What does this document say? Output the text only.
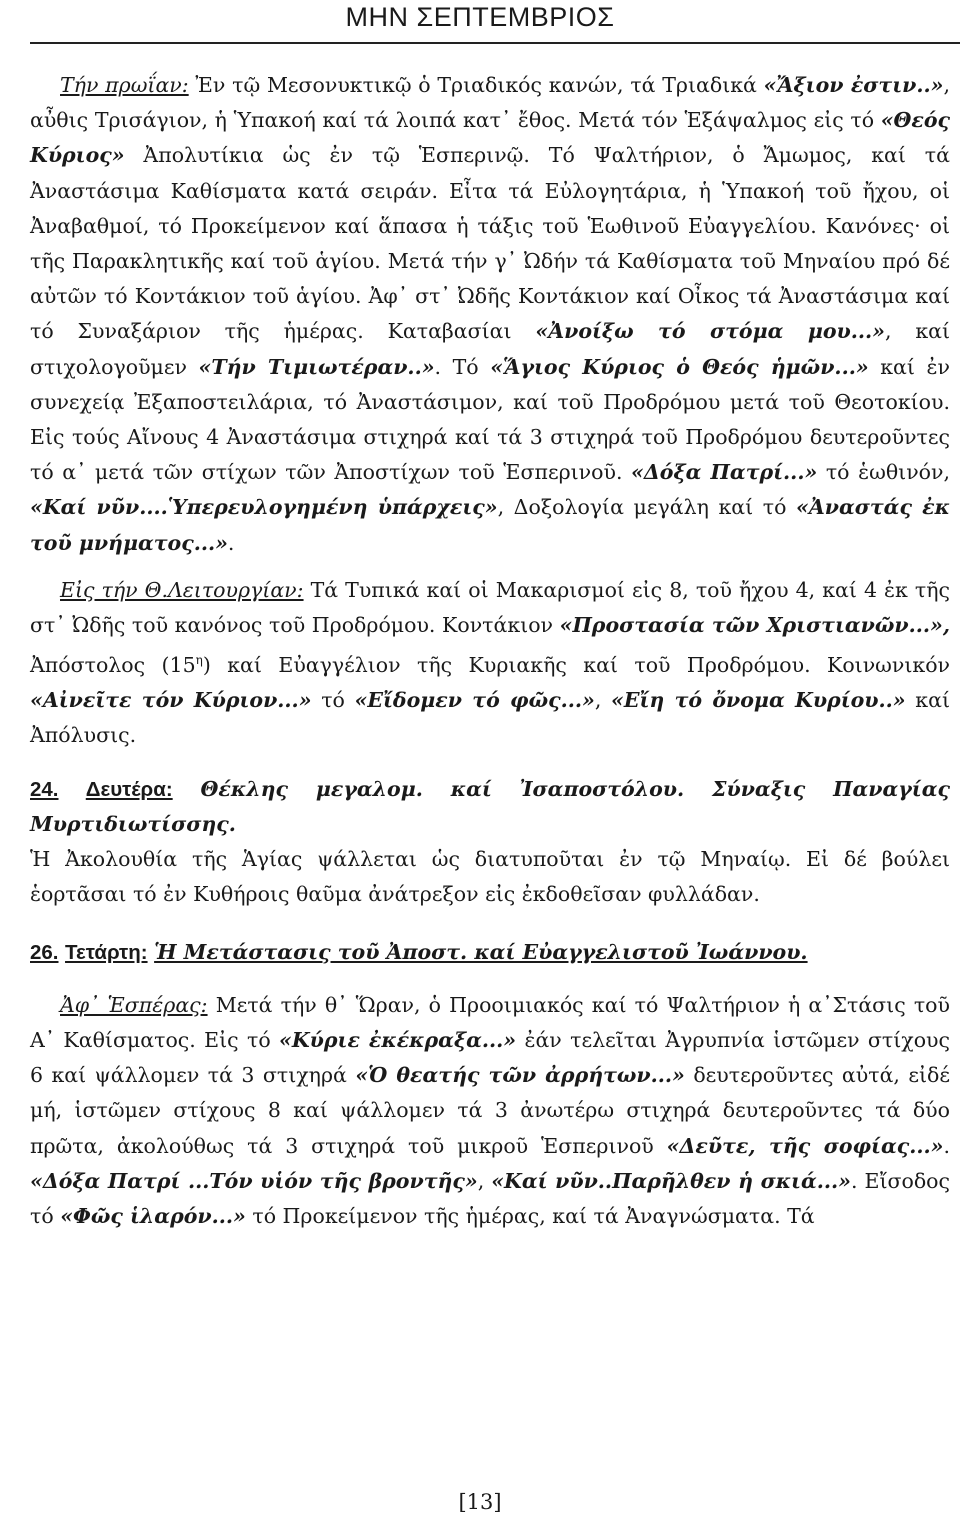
ΜΗΝ ΣΕΠΤΕΜΒΡΙΟΣ

Τήν πρωΐαν: Ἐν τῷ Μεσονυκτικῷ ὁ Τριαδικός κανών, τά Τριαδικά «Ἄξιον ἐστιν..», αὖθις Τρισάγιον, ἡ Ὑπακοή καί τά λοιπά κατ᾽ ἔθος. Μετά τόν Ἑξάψαλμος εἰς τό «Θεός Κύριος» Ἀπολυτίκια ὡς ἐν τῷ Ἑσπερινῷ. Τό Ψαλτήριον, ὁ Ἄμωμος, καί τά Ἀναστάσιμα Καθίσματα κατά σειράν. Εἶτα τά Εὐλογητάρια, ἡ Ὑπακοή τοῦ ἤχου, οἱ Ἀναβαθμοί, τό Προκείμενον καί ἅπασα ἡ τάξις τοῦ Ἑωθινοῦ Εὐαγγελίου. Κανόνες· οἱ τῆς Παρακλητικῆς καί τοῦ ἁγίου. Μετά τήν γ᾽ Ὠδήν τά Καθίσματα τοῦ Μηναίου πρό δέ αὐτῶν τό Κοντάκιον τοῦ ἁγίου. Ἀφ᾽ στ᾽ Ὠδῆς Κοντάκιον καί Οἶκος τά Ἀναστάσιμα καί τό Συναξάριον τῆς ἡμέρας. Καταβασίαι «Ἀνοίξω τό στόμα μου...», καί στιχολογοῦμεν «Τήν Τιμιωτέραν..». Τό «Ἅγιος Κύριος ὁ Θεός ἡμῶν...» καί ἐν συνεχείᾳ Ἐξαποστειλάρια, τό Ἀναστάσιμον, καί τοῦ Προδρόμου μετά τοῦ Θεοτοκίου. Εἰς τούς Αἴνους 4 Ἀναστάσιμα στιχηρά καί τά 3 στιχηρά τοῦ Προδρόμου δευτεροῦντες τό α᾽ μετά τῶν στίχων τῶν Ἀποστίχων τοῦ Ἑσπερινοῦ. «Δόξα Πατρί...» τό ἑωθινόν, «Καί νῦν....Ὑπερευλογημένη ὑπάρχεις», Δοξολογία μεγάλη καί τό «Ἀναστάς ἐκ τοῦ μνήματος...».

Εἰς τήν Θ.Λειτουργίαν: Τά Τυπικά καί οἱ Μακαρισμοί εἰς 8, τοῦ ἤχου 4, καί 4 ἐκ τῆς στ᾽ Ὠδῆς τοῦ κανόνος τοῦ Προδρόμου. Κοντάκιον «Προστασία τῶν Χριστιανῶν...», Ἀπόστολος $(15^\eta)$ καί Εὐαγγέλιον τῆς Κυριακῆς καί τοῦ Προδρόμου. Κοινωνικόν «Αἰνεῖτε τόν Κύριον...» τό «Εἴδομεν τό φῶς...», «Εἴη τό ὄνομα Κυρίου..» καί Ἀπόλυσις.

24. Δευτέρα: Θέκλης μεγαλομ. καί Ἰσαποστόλου. Σύναξις Παναγίας Μυρτιδιωτίσσης.

Ἡ Ἀκολουθία τῆς Ἁγίας ψάλλεται ὡς διατυποῦται ἐν τῷ Μηναίῳ. Εἰ δέ βούλει ἑορτᾶσαι τό ἐν Κυθήροις θαῦμα ἀνάτρεξον εἰς ἐκδοθεῖσαν φυλλάδαν.

26. Τετάρτη: Ἡ Μετάστασις τοῦ Ἀποστ. καί Εὐαγγελιστοῦ Ἰωάννου.

Ἀφ᾽ Ἑσπέρας: Μετά τήν θ᾽ Ὥραν, ὁ Προοιμιακός καί τό Ψαλτήριον ἡ α᾽Στάσις τοῦ Α᾽ Καθίσματος. Εἰς τό «Κύριε ἐκέκραξα...» ἐάν τελεῖται Ἀγρυπνία ἱστῶμεν στίχους 6 καί ψάλλομεν τά 3 στιχηρά «Ὁ θεατής τῶν ἀρρήτων...» δευτεροῦντες αὐτά, εἰδέ μή, ἱστῶμεν στίχους 8 καί ψάλλομεν τά 3 ἀνωτέρω στιχηρά δευτεροῦντες τά δύο πρῶτα, ἀκολούθως τά 3 στιχηρά τοῦ μικροῦ Ἑσπερινοῦ «Δεῦτε, τῆς σοφίας...». «Δόξα Πατρί ...Τόν υἱόν τῆς βροντῆς», «Καί νῦν..Παρῆλθεν ἡ σκιά...». Εἴσοδος τό «Φῶς ἱλαρόν...» τό Προκείμενον τῆς ἡμέρας, καί τά Ἀναγνώσματα. Τά

[13]
